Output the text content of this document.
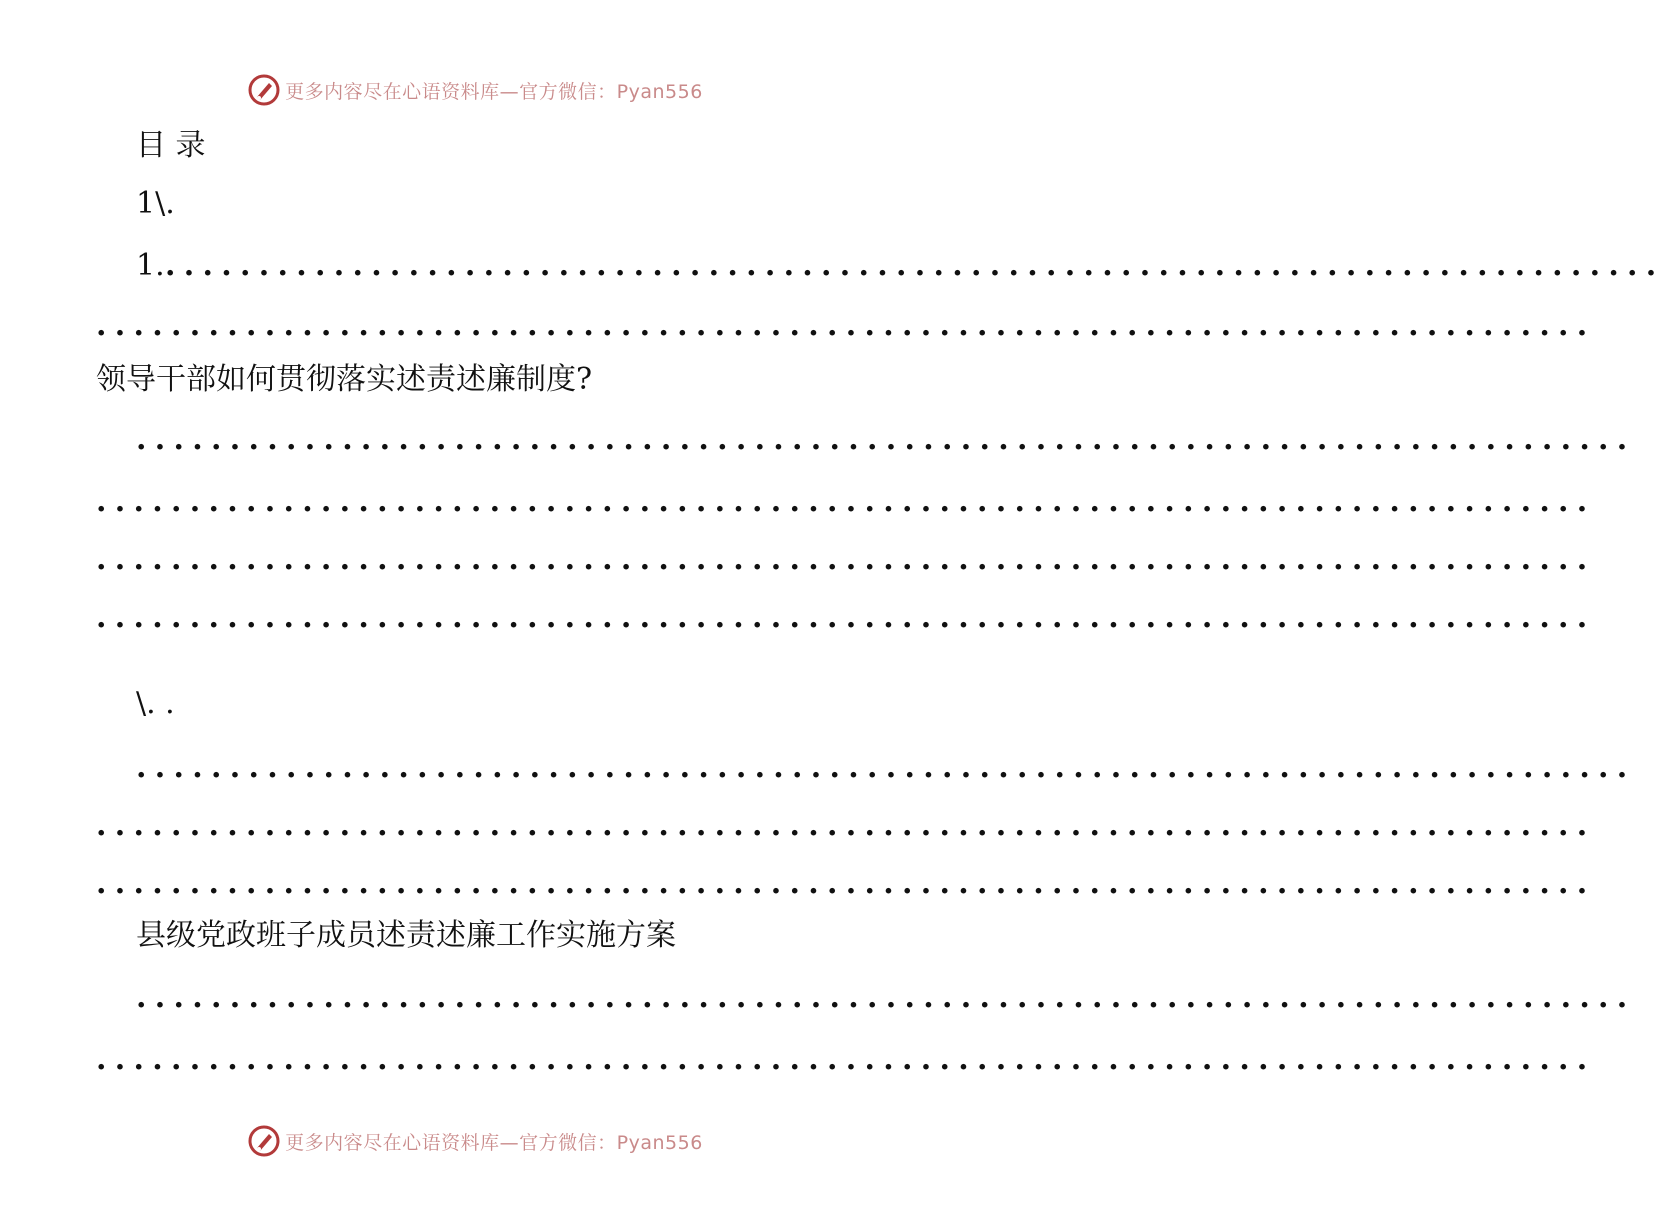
更多内容尽在心语资料库—官方微信：Pyan556
目 录
1\.
1. ................................................................................
................................................................................
领导干部如何贯彻落实述责述廉制度?
................................................................................
................................................................................
................................................................................
................................................................................
\. .
................................................................................
................................................................................
................................................................................
县级党政班子成员述责述廉工作实施方案
................................................................................
................................................................................
更多内容尽在心语资料库—官方微信：Pyan556
